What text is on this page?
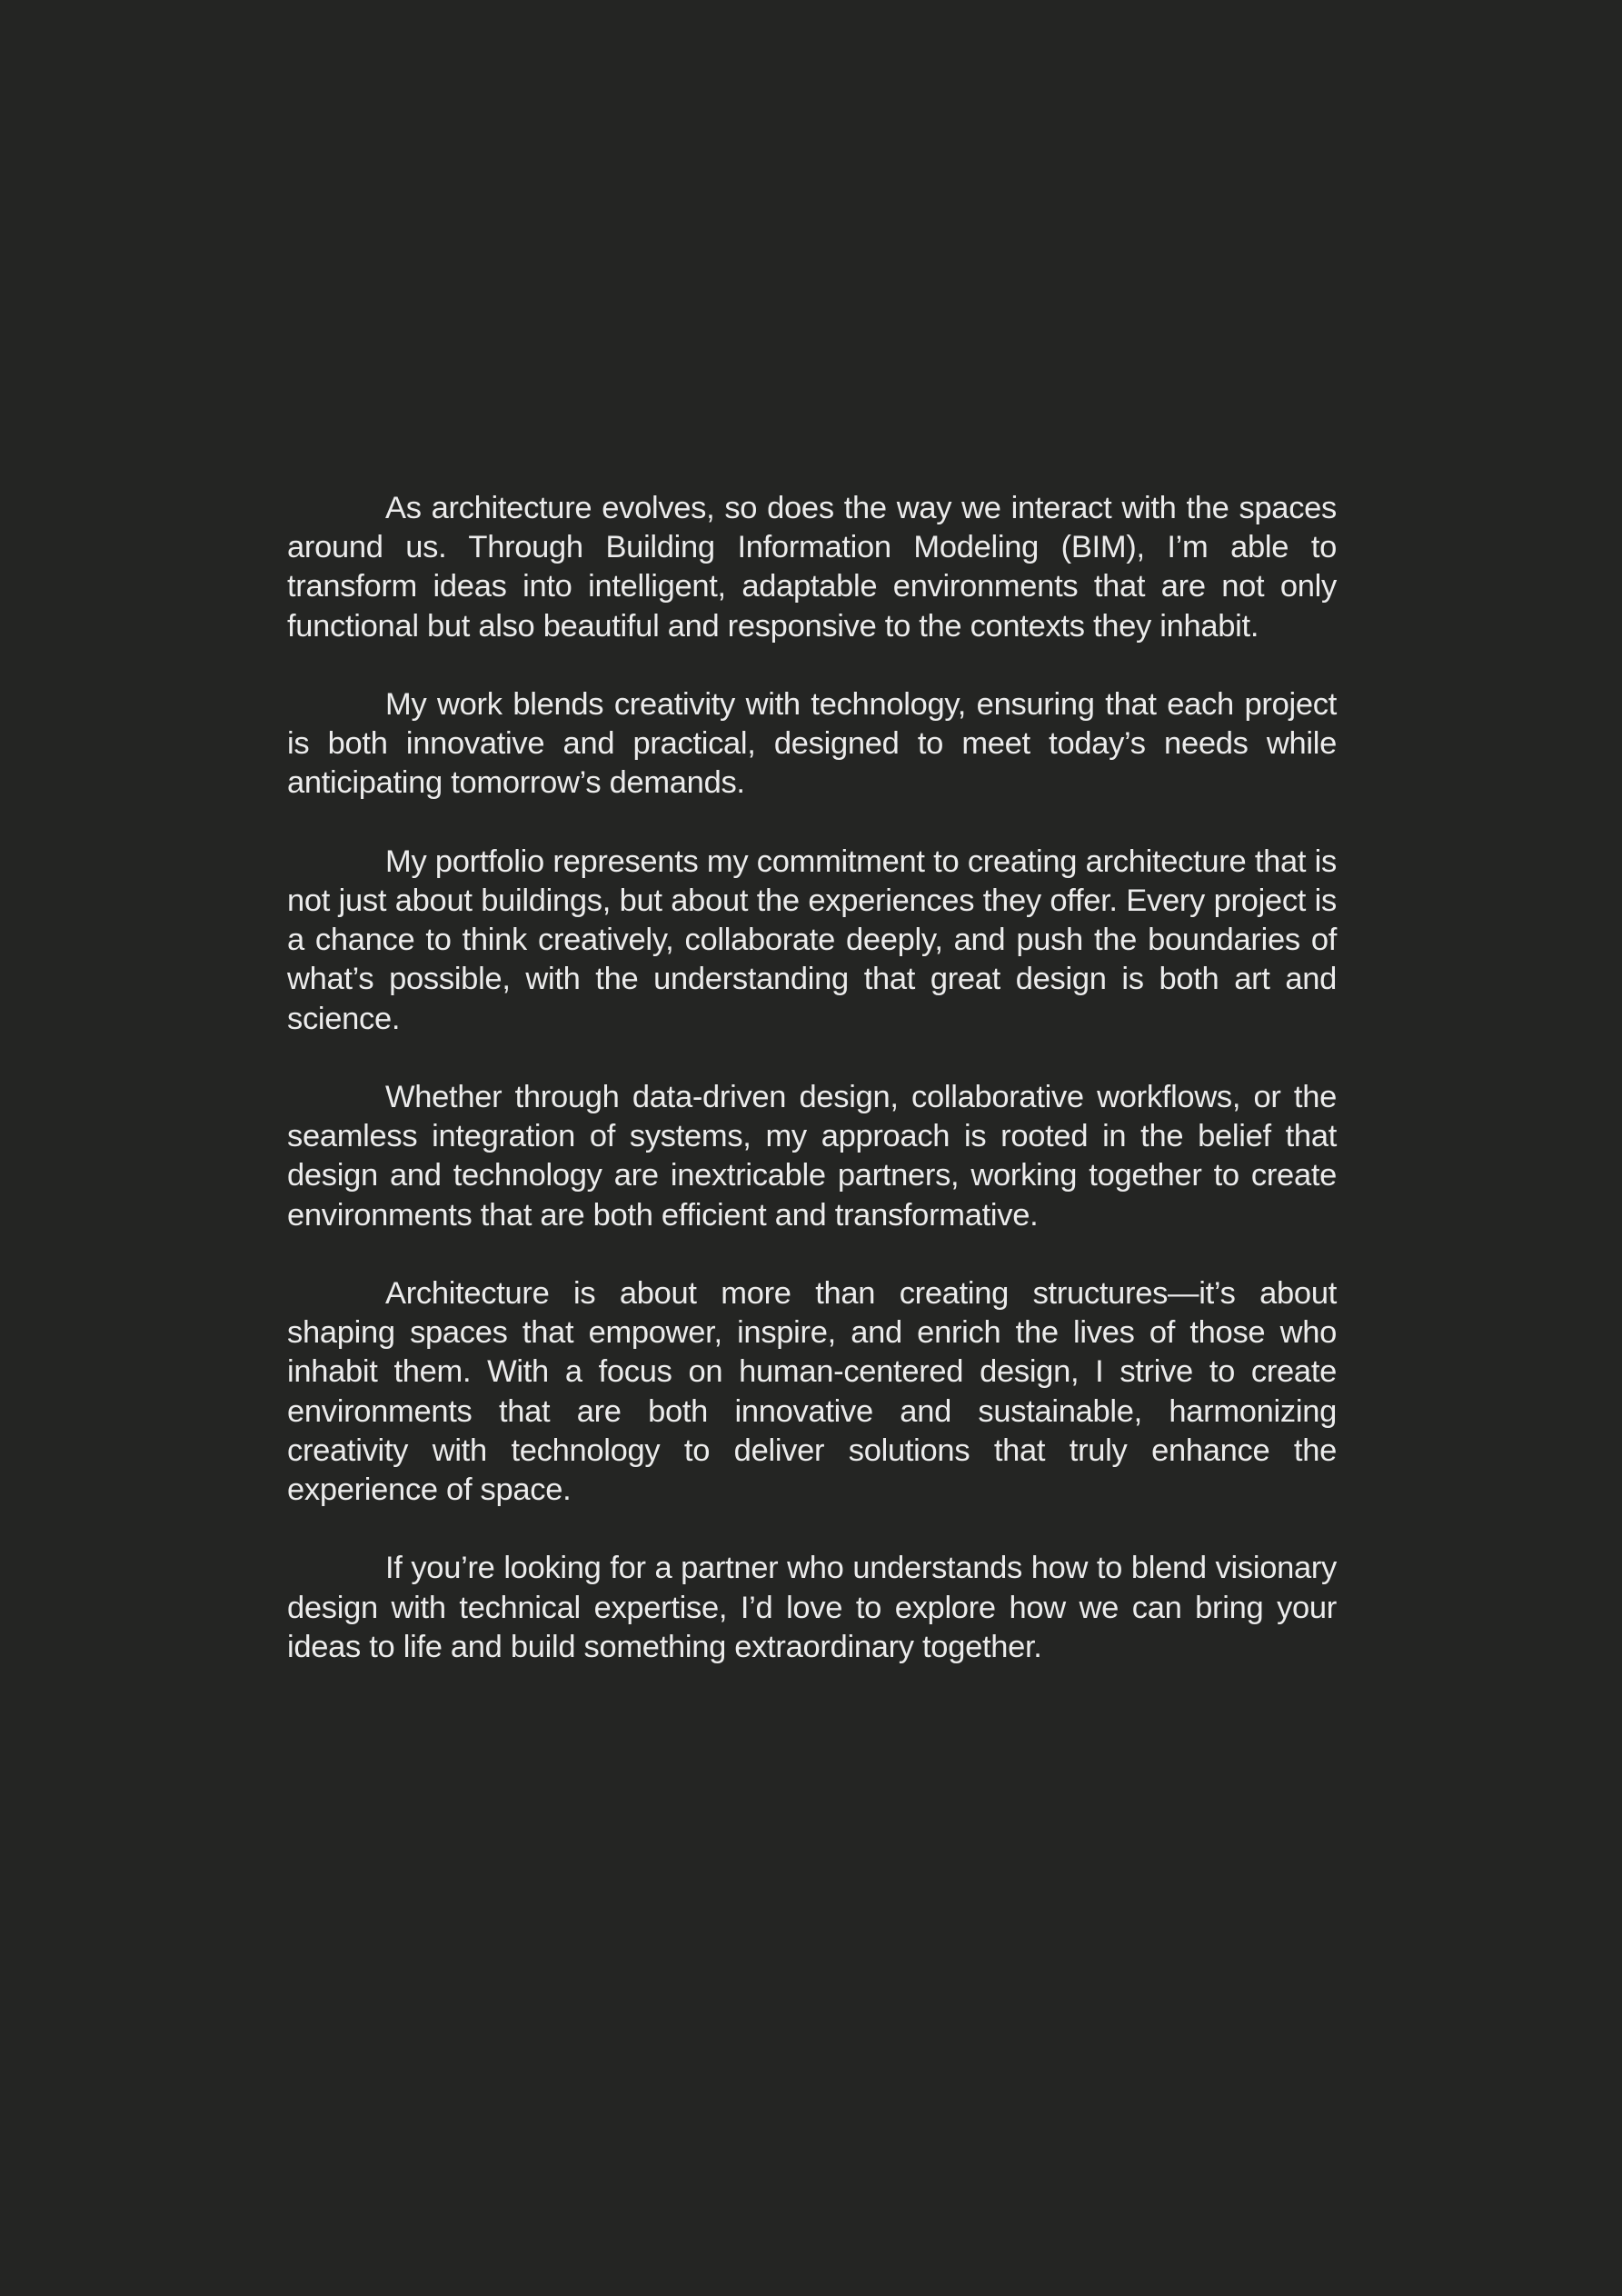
As architecture evolves, so does the way we interact with the spaces around us. Through Building Information Modeling (BIM), I’m able to transform ideas into intelligent, adaptable environments that are not only functional but also beautiful and responsive to the contexts they inhabit.

My work blends creativity with technology, ensuring that each project is both innovative and practical, designed to meet today’s needs while anticipating tomorrow’s demands.

My portfolio represents my commitment to creating architecture that is not just about buildings, but about the experiences they offer. Every project is a chance to think creatively, collaborate deeply, and push the boundaries of what’s possible, with the understanding that great design is both art and science.

Whether through data-driven design, collaborative workflows, or the seamless integration of systems, my approach is rooted in the belief that design and technology are inextricable partners, working together to create environments that are both efficient and transformative.

Architecture is about more than creating structures—it’s about shaping spaces that empower, inspire, and enrich the lives of those who inhabit them. With a focus on human-centered design, I strive to create environments that are both innovative and sustainable, harmonizing creativity with technology to deliver solutions that truly enhance the experience of space.

If you’re looking for a partner who understands how to blend visionary design with technical expertise, I’d love to explore how we can bring your ideas to life and build something extraordinary together.
